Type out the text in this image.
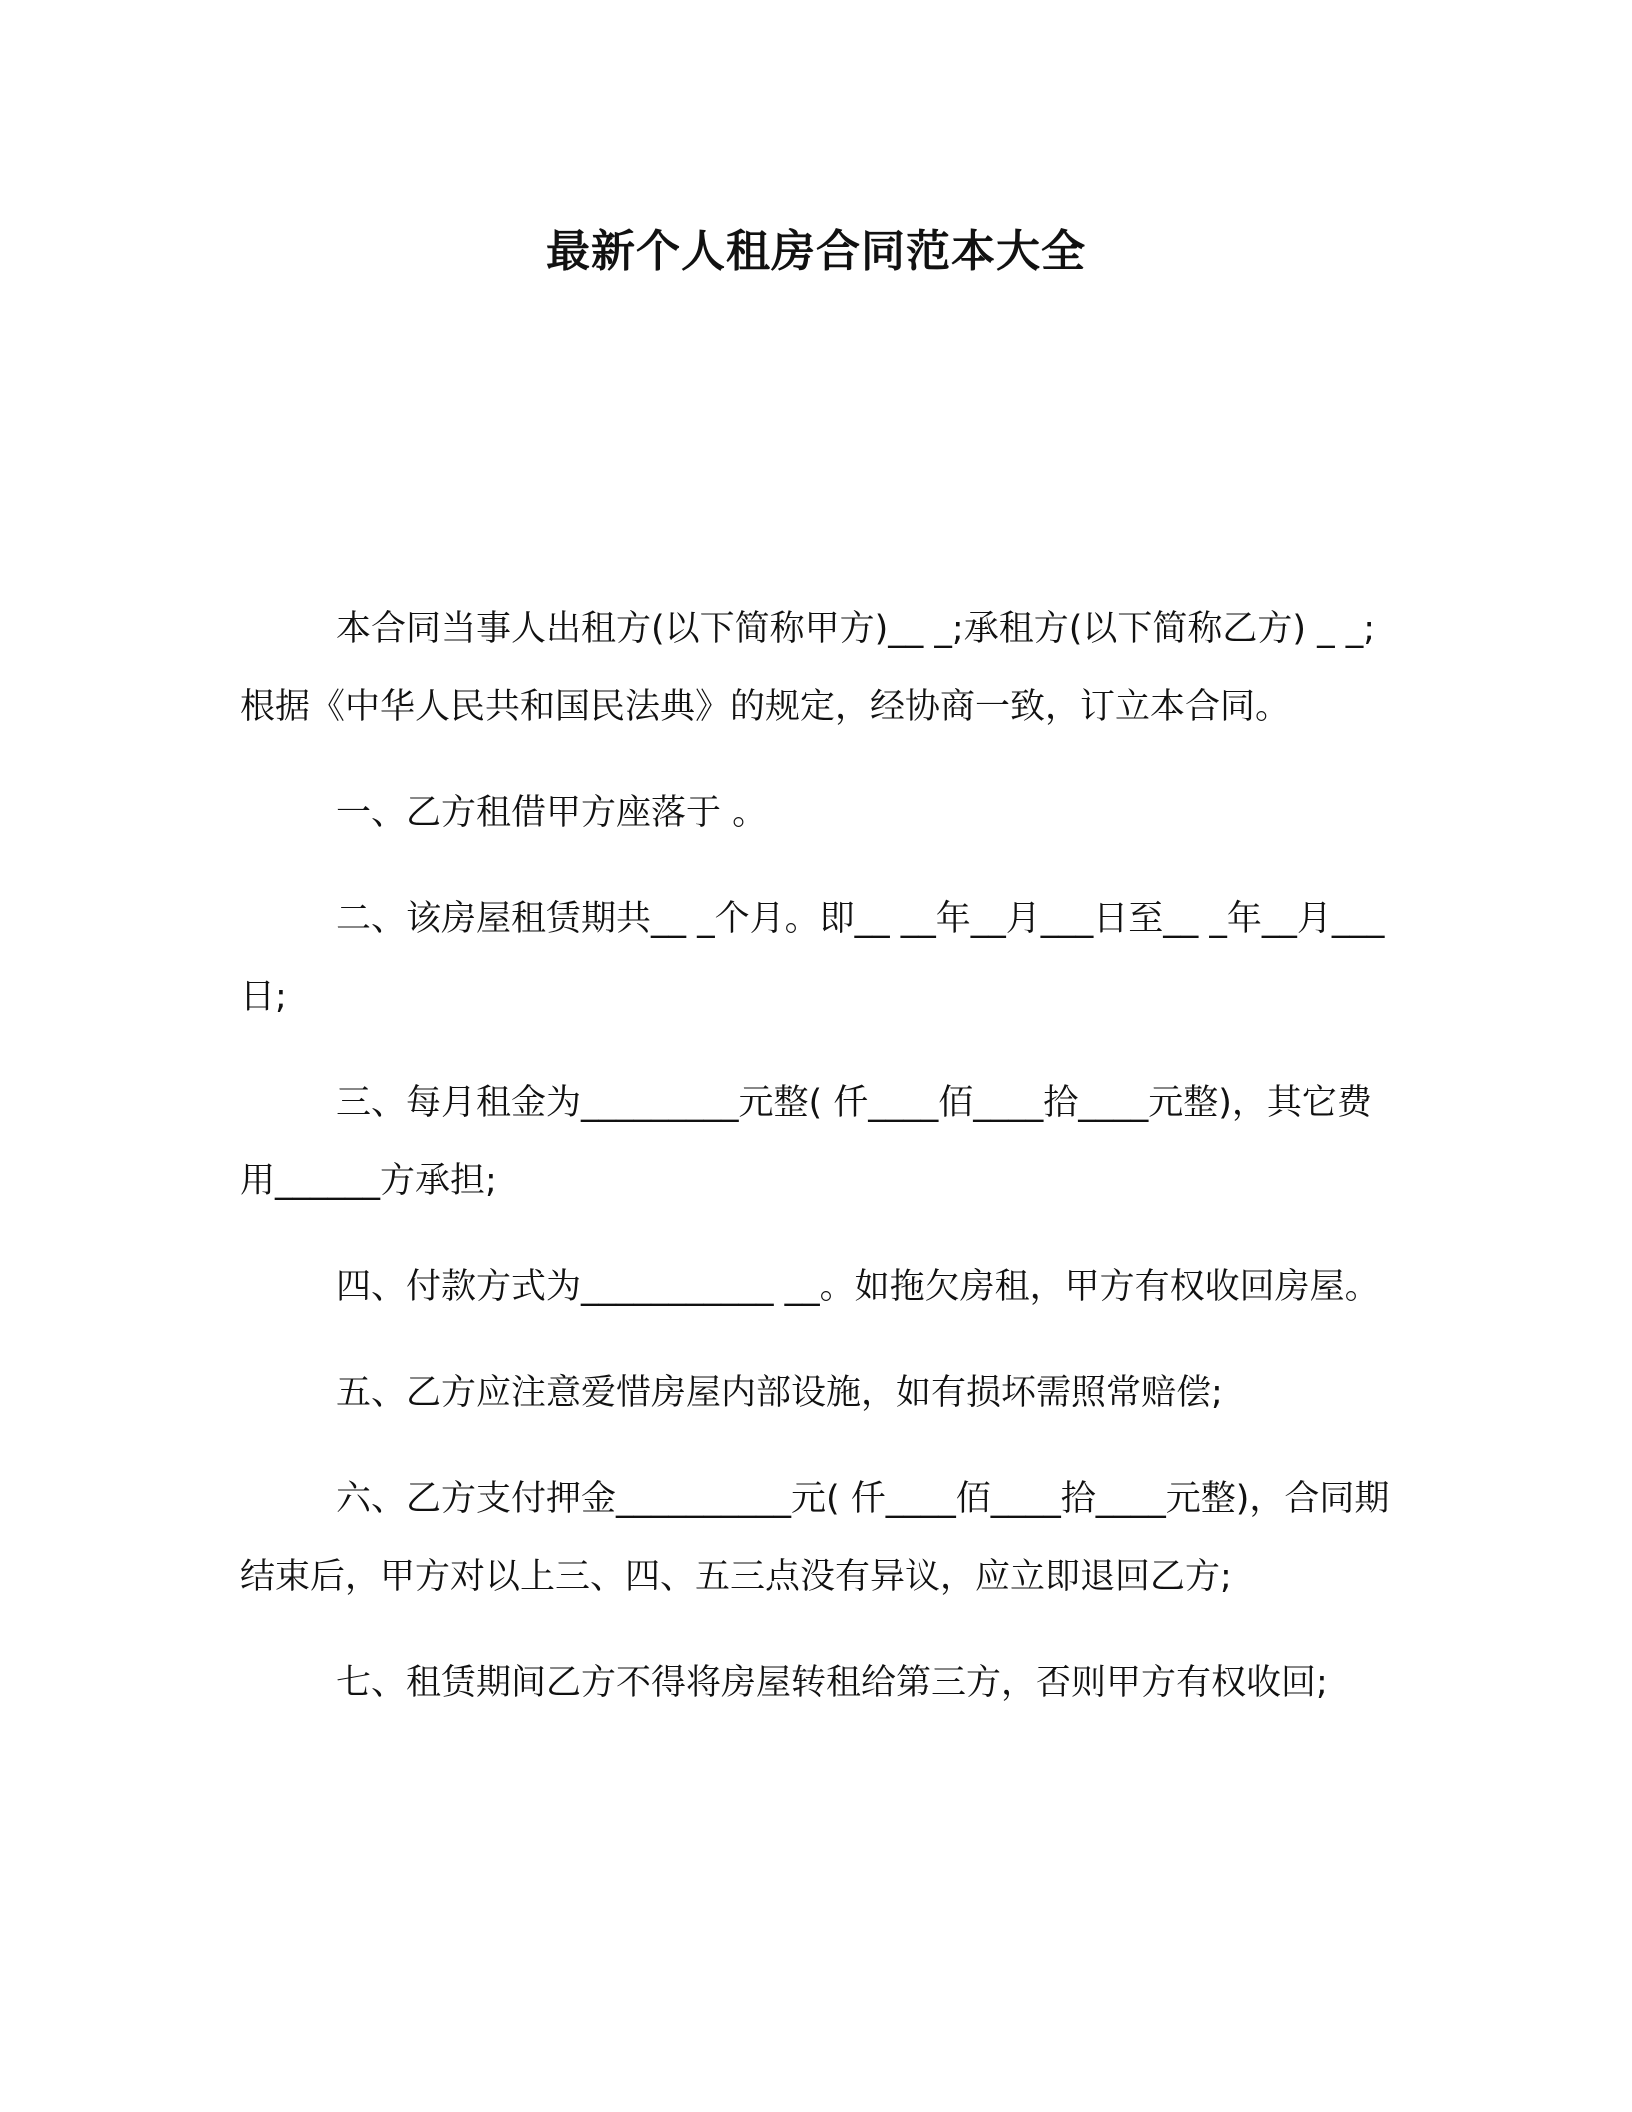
最新个人租房合同范本大全

本合同当事人出租方(以下简称甲方)__ _;承租方(以下简称乙方) _ _;根据《中华人民共和国民法典》的规定，经协商一致，订立本合同。

一、乙方租借甲方座落于 。

二、该房屋租赁期共__ _个月。即__ __年__月___日至__ _年__月___日;

三、每月租金为_________元整( 仟____佰____拾____元整)，其它费用______方承担;

四、付款方式为___________ __。如拖欠房租，甲方有权收回房屋。

五、乙方应注意爱惜房屋内部设施，如有损坏需照常赔偿;

六、乙方支付押金__________元( 仟____佰____拾____元整)，合同期结束后，甲方对以上三、四、五三点没有异议，应立即退回乙方;

七、租赁期间乙方不得将房屋转租给第三方，否则甲方有权收回;
